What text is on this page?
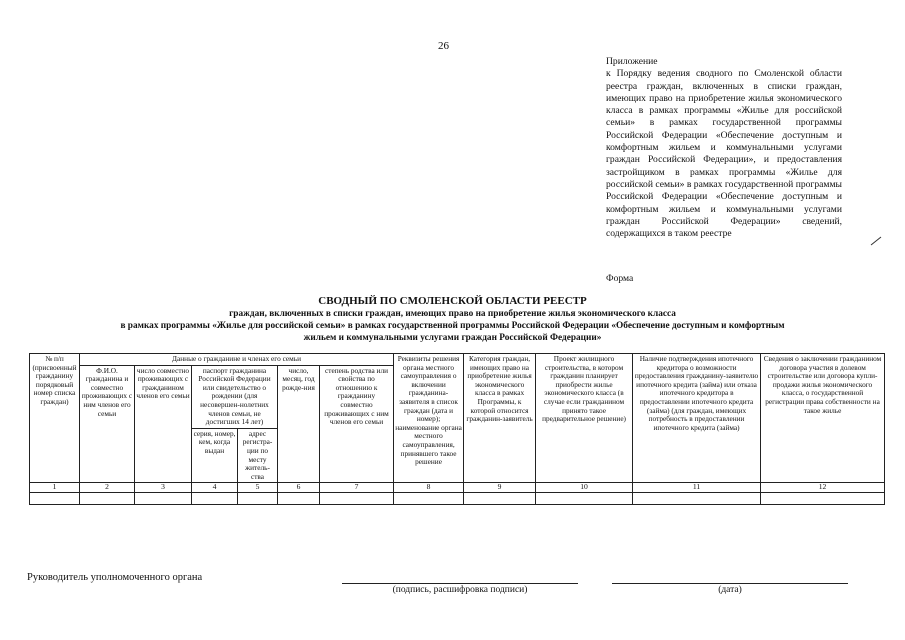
26
Приложение
к Порядку ведения сводного по Смоленской области реестра граждан, включенных в списки граждан, имеющих право на приобретение жилья экономического класса в рамках программы «Жилье для российской семьи» в рамках государственной программы Российской Федерации «Обеспечение доступным и комфортным жильем и коммунальными услугами граждан Российской Федерации», и предоставления застройщиком в рамках программы «Жилье для российской семьи» в рамках государственной программы Российской Федерации «Обеспечение доступным и комфортным жильем и коммунальными услугами граждан Российской Федерации» сведений, содержащихся в таком реестре
Форма
СВОДНЫЙ ПО СМОЛЕНСКОЙ ОБЛАСТИ РЕЕСТР
граждан, включенных в списки граждан, имеющих право на приобретение жилья экономического класса
в рамках программы «Жилье для российской семьи» в рамках государственной программы Российской Федерации «Обеспечение доступным и комфортным
жильем и коммунальными услугами граждан Российской Федерации»
№ п/п (присвоенный гражданину порядковый номер списка граждан)	Данные о гражданине и членах его семьи						Реквизиты решения органа местного самоуправления о включении гражданина-заявителя в список граждан (дата и номер); наименование органа местного самоуправления, принявшего такое решение	Категория граждан, имеющих право на приобретение жилья экономического класса в рамках Программы, к которой относится гражданин-заявитель	Проект жилищного строительства, в котором гражданин планирует приобрести жилье экономического класса (в случае если гражданином принято такое предварительное решение)	Наличие подтверждения ипотечного кредитора о возможности предоставления гражданину-заявителю ипотечного кредита (займа) или отказа ипотечного кредитора в предоставлении ипотечного кредита (займа) (для граждан, имеющих потребность в предоставлении ипотечного кредита (займа)	Сведения о заключении гражданином договора участия в долевом строительстве или договора купли-продажи жилья экономического класса, о государственной регистрации права собственности на такое жилье
	Ф.И.О. гражданина и совместно проживающих с ним членов его семьи	число совместно проживающих с гражданином членов его семьи	паспорт гражданина Российской Федерации или свидетельство о рождении (для несовершен-нолетних членов семьи, не достигших 14 лет)		число, месяц, год рожде-ния	степень родства или свойства по отношению к гражданину совместно проживающих с ним членов его семьи					
			серия, номер, кем, когда выдан	адрес регистра-ции по месту житель-ства							
1	2	3	4	5	6	7	8	9	10	11	12

Руководитель уполномоченного органа
(подпись, расшифровка подписи)	(дата)
